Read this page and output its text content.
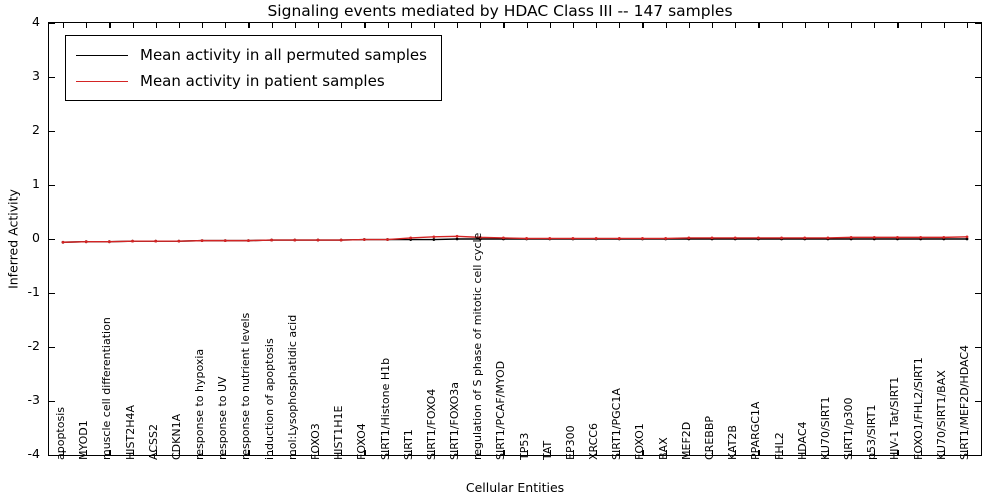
Signaling events mediated by HDAC Class III -- 147 samples
Inferred Activity
-4
-3
-2
-1
0
1
2
3
4
apoptosis MYOD1 muscle cell differentiation HIST2H4A ACSS2 CDKN1A response to hypoxia response to UV response to nutrient levels induction of apoptosis mol:Lysophosphatidic acid FOXO3 HIST1H1E FOXO4 SIRT1/Histone H1b SIRT1 SIRT1/FOXO4 SIRT1/FOXO3a regulation of S phase of mitotic cell cycle SIRT1/PCAF/MYOD TP53 TAT EP300 XRCC6 SIRT1/PGC1A FOXO1 BAX MEF2D CREBBP KAT2B PPARGC1A FHL2 HDAC4 KU70/SIRT1 SIRT1/p300 p53/SIRT1 HIV-1 Tat/SIRT1 FOXO1/FHL2/SIRT1 KU70/SIRT1/BAX SIRT1/MEF2D/HDAC4
Mean activity in all permuted samples
Mean activity in patient samples
Cellular Entities
